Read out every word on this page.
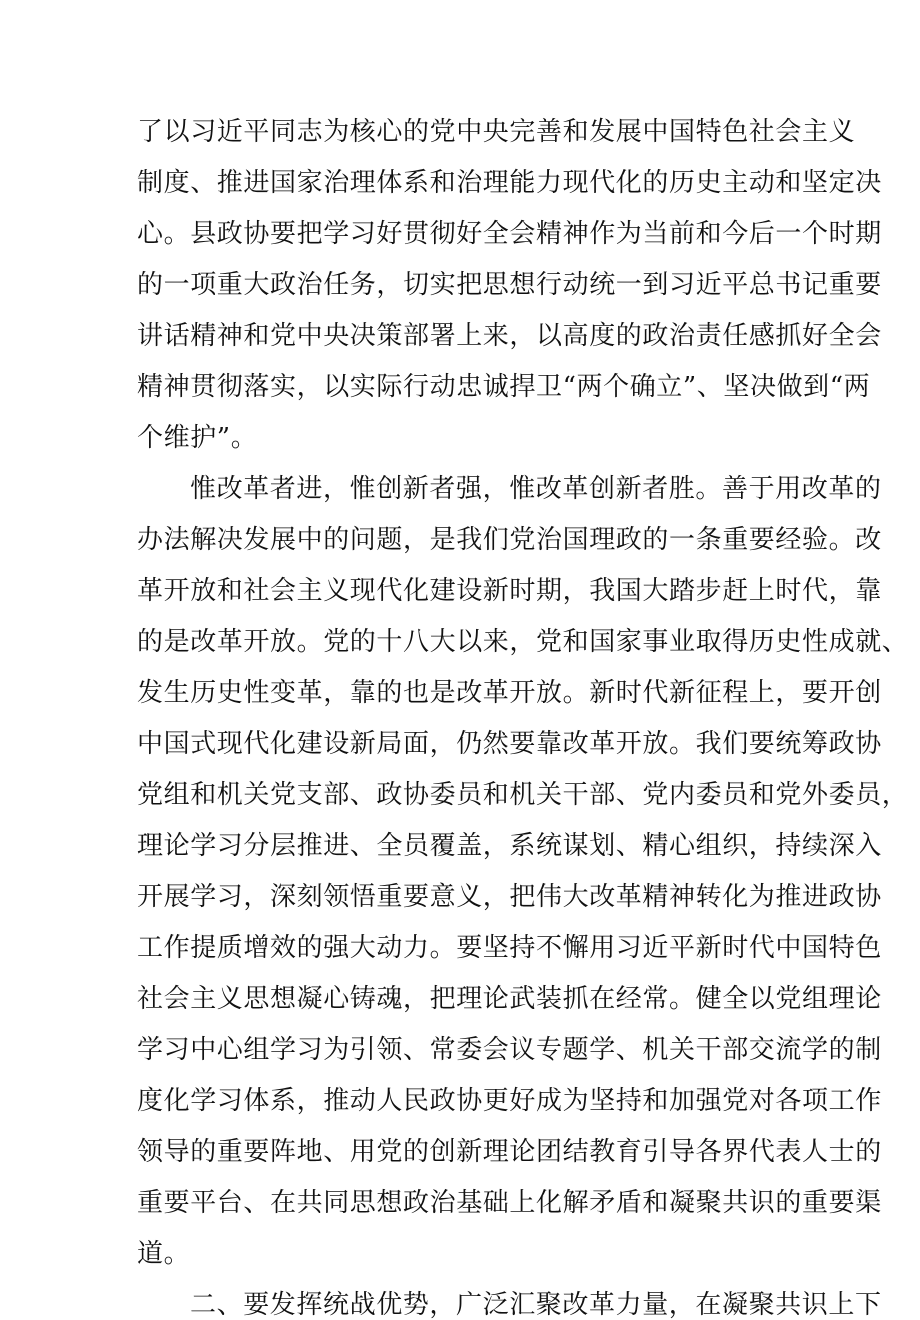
了以习近平同志为核心的党中央完善和发展中国特色社会主义
制度、推进国家治理体系和治理能力现代化的历史主动和坚定决
心。县政协要把学习好贯彻好全会精神作为当前和今后一个时期
的一项重大政治任务，切实把思想行动统一到习近平总书记重要
讲话精神和党中央决策部署上来，以高度的政治责任感抓好全会
精神贯彻落实，以实际行动忠诚捍卫“两个确立”、坚决做到“两
个维护”。
惟改革者进，惟创新者强，惟改革创新者胜。善于用改革的
办法解决发展中的问题，是我们党治国理政的一条重要经验。改
革开放和社会主义现代化建设新时期，我国大踏步赶上时代，靠
的是改革开放。党的十八大以来，党和国家事业取得历史性成就、
发生历史性变革，靠的也是改革开放。新时代新征程上，要开创
中国式现代化建设新局面，仍然要靠改革开放。我们要统筹政协
党组和机关党支部、政协委员和机关干部、党内委员和党外委员，
理论学习分层推进、全员覆盖，系统谋划、精心组织，持续深入
开展学习，深刻领悟重要意义，把伟大改革精神转化为推进政协
工作提质增效的强大动力。要坚持不懈用习近平新时代中国特色
社会主义思想凝心铸魂，把理论武装抓在经常。健全以党组理论
学习中心组学习为引领、常委会议专题学、机关干部交流学的制
度化学习体系，推动人民政协更好成为坚持和加强党对各项工作
领导的重要阵地、用党的创新理论团结教育引导各界代表人士的
重要平台、在共同思想政治基础上化解矛盾和凝聚共识的重要渠
道。
二、要发挥统战优势，广泛汇聚改革力量，在凝聚共识上下
